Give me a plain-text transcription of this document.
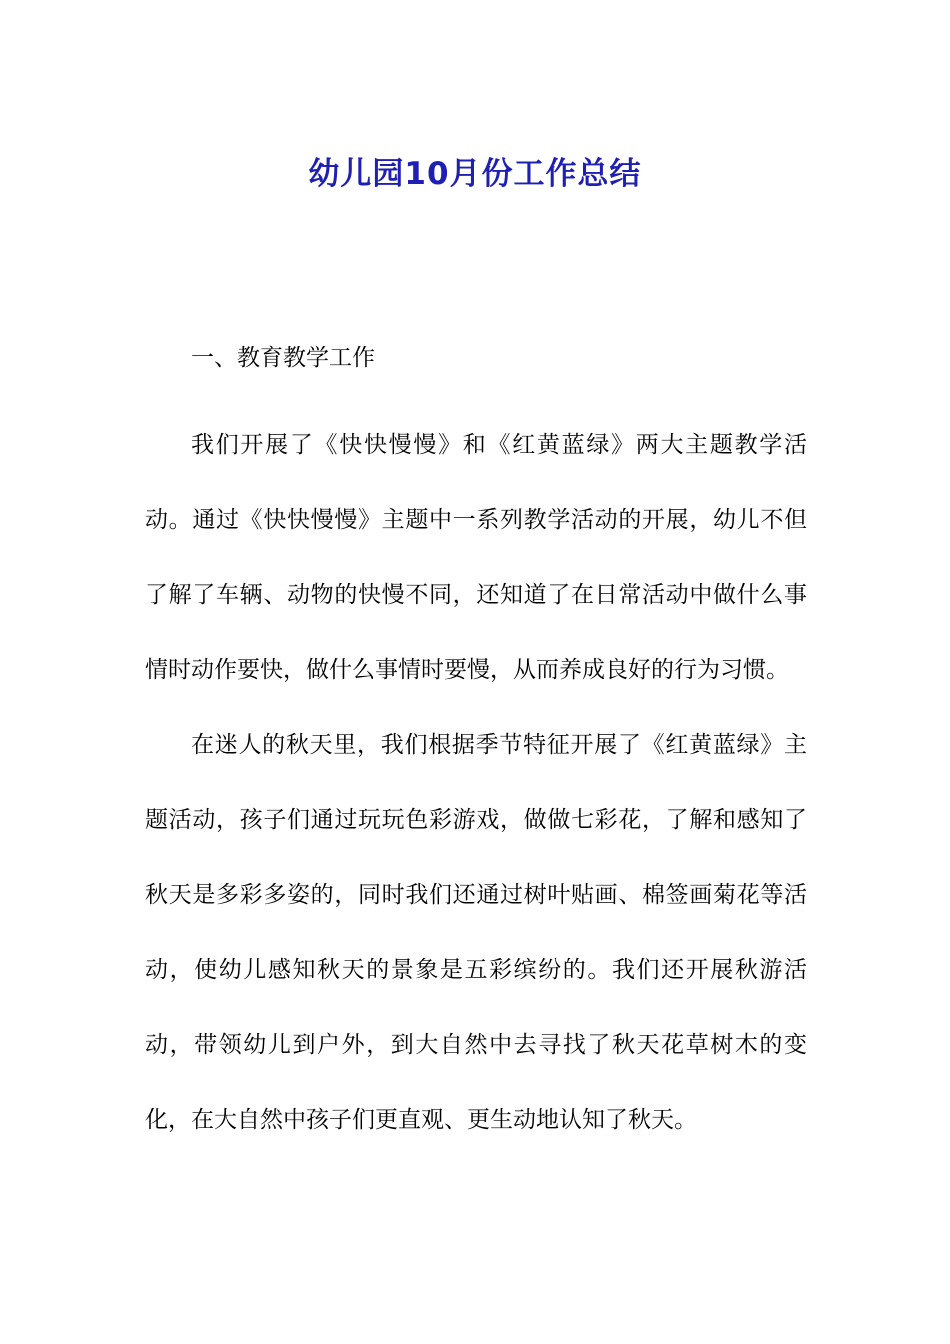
幼儿园10月份工作总结

一、教育教学工作

我们开展了《快快慢慢》和《红黄蓝绿》两大主题教学活动。通过《快快慢慢》主题中一系列教学活动的开展，幼儿不但了解了车辆、动物的快慢不同，还知道了在日常活动中做什么事情时动作要快，做什么事情时要慢，从而养成良好的行为习惯。

在迷人的秋天里，我们根据季节特征开展了《红黄蓝绿》主题活动，孩子们通过玩玩色彩游戏，做做七彩花，了解和感知了秋天是多彩多姿的，同时我们还通过树叶贴画、棉签画菊花等活动，使幼儿感知秋天的景象是五彩缤纷的。我们还开展秋游活动，带领幼儿到户外，到大自然中去寻找了秋天花草树木的变化，在大自然中孩子们更直观、更生动地认知了秋天。
